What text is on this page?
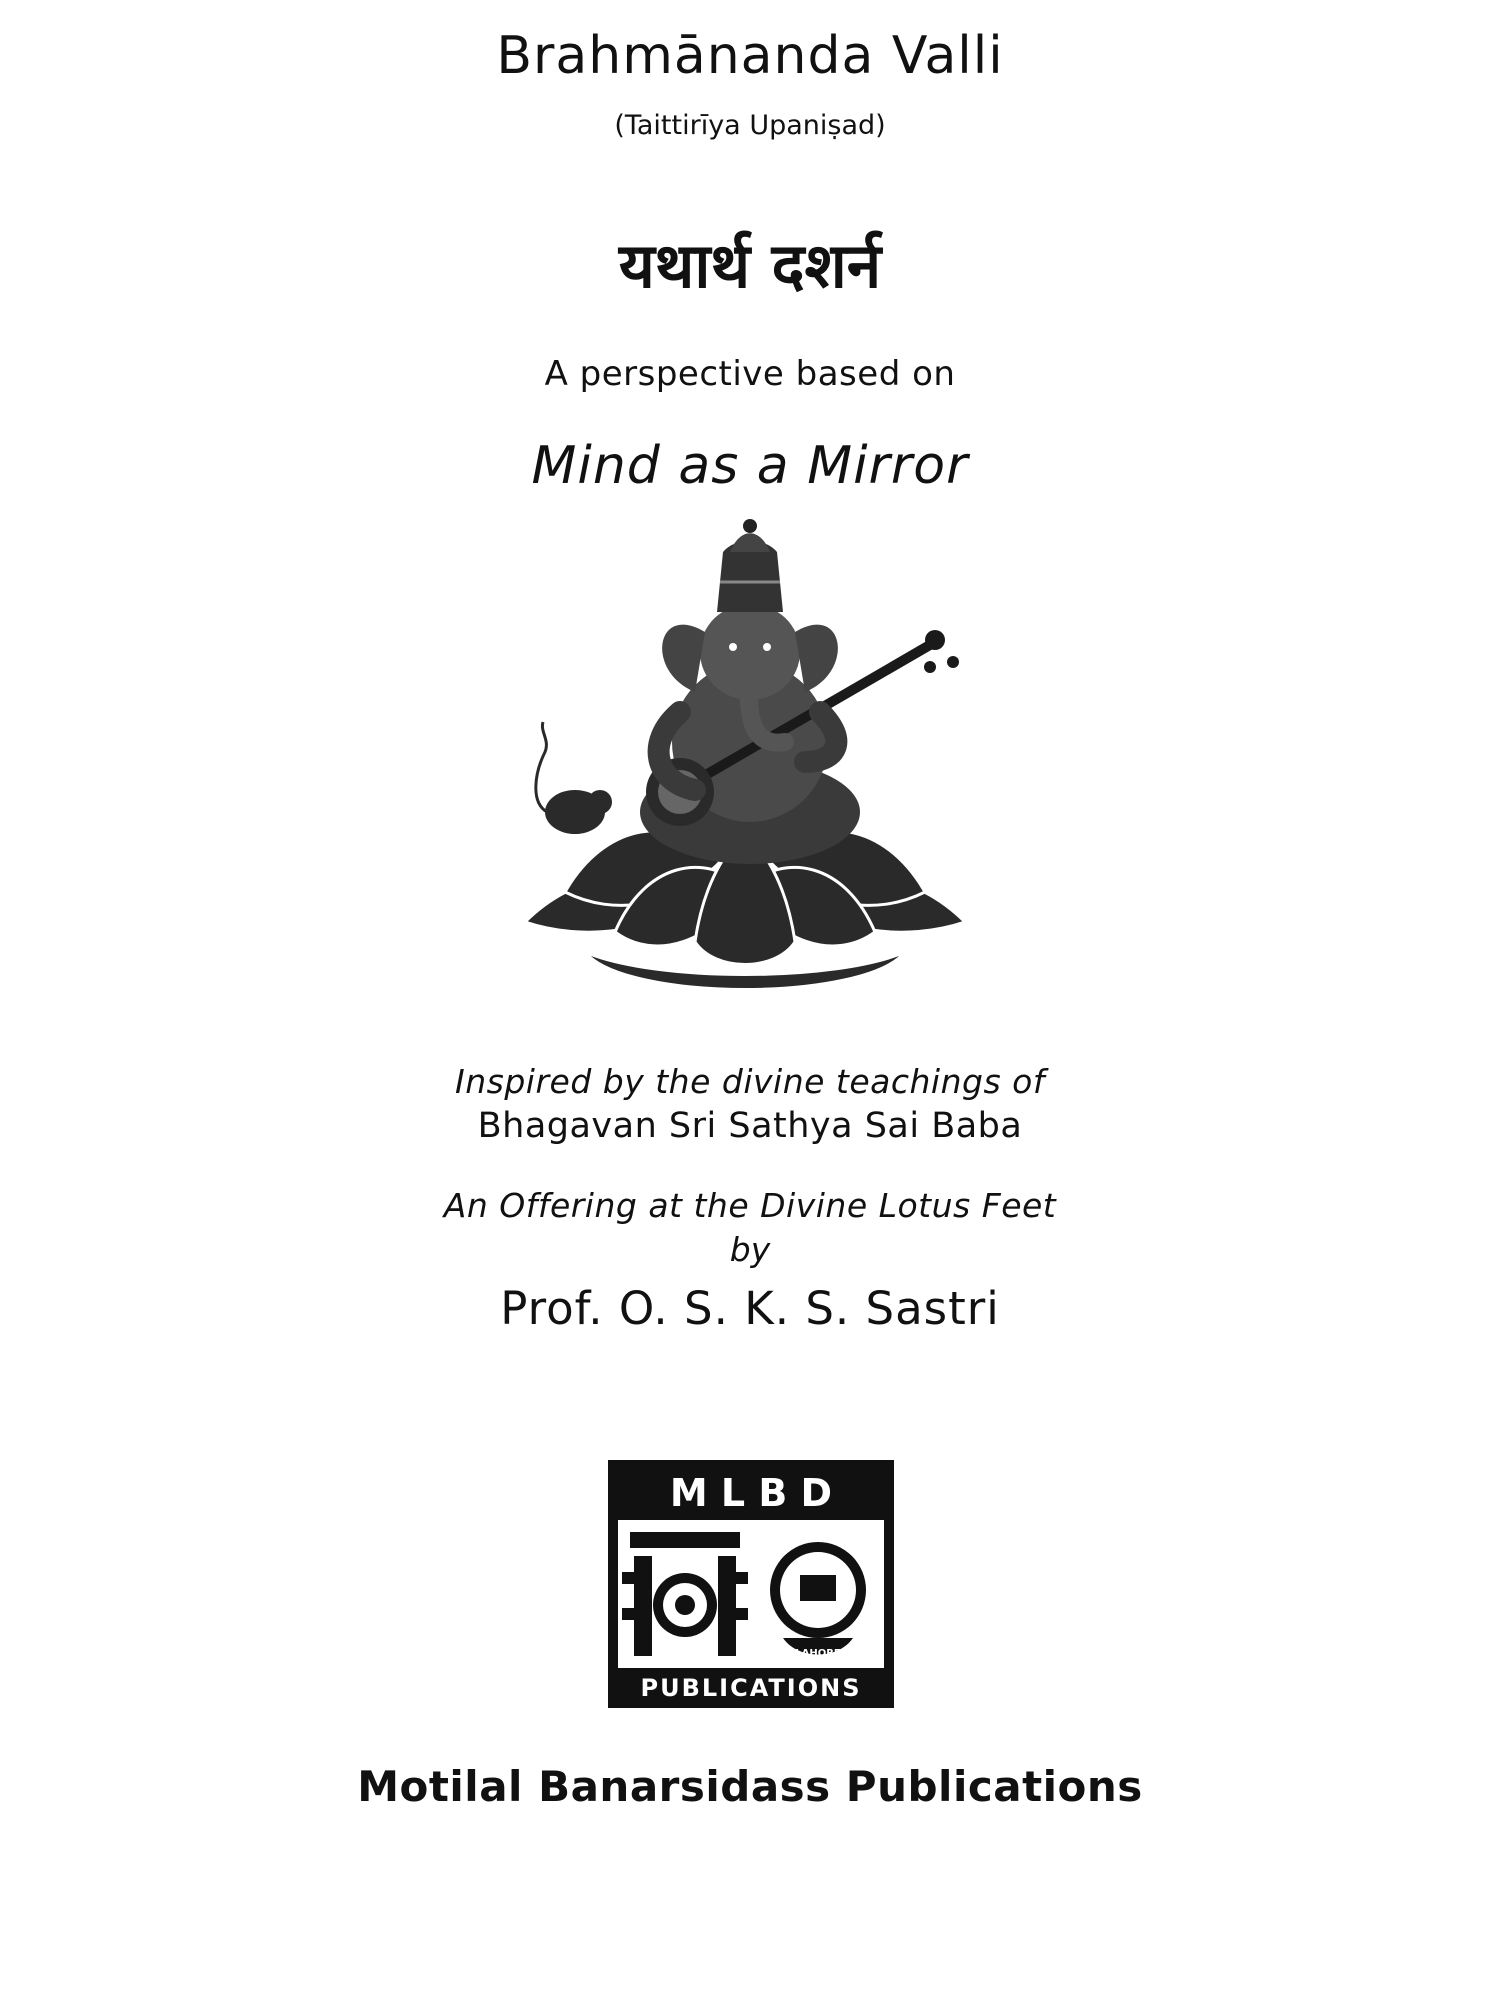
Brahmānanda Valli
(Taittirīya Upaniṣad)
यथार्थ दशर्न
A perspective based on
Mind as a Mirror
Inspired by the divine teachings of
Bhagavan Sri Sathya Sai Baba
An Offering at the Divine Lotus Feet
by
Prof. O. S. K. S. Sastri
M L B D
LAHORE
PUBLICATIONS
Motilal Banarsidass Publications
